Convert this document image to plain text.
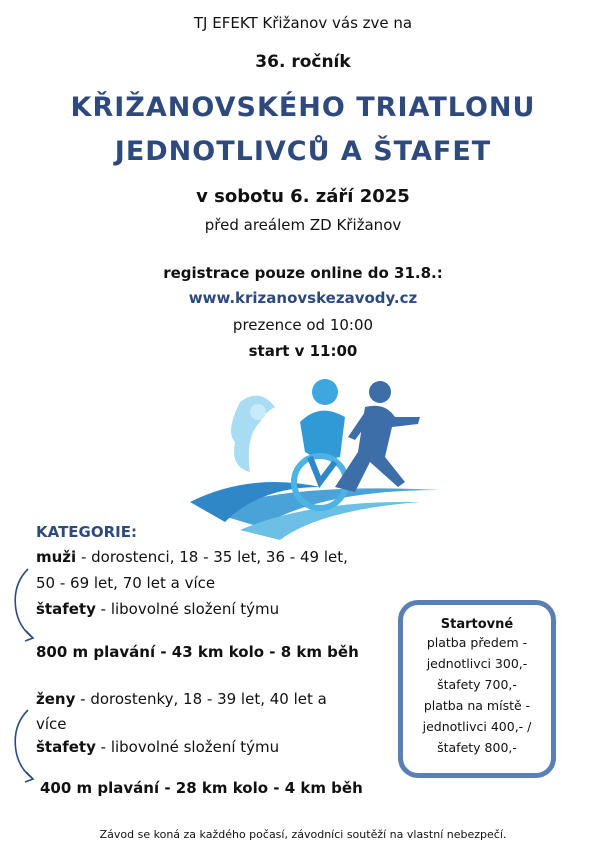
TJ EFEKT Křižanov vás zve na
36. ročník
KŘIŽANOVSKÉHO TRIATLONU
JEDNOTLIVCŮ A ŠTAFET
v sobotu 6. září 2025
před areálem ZD Křižanov
registrace pouze online do 31.8.:
www.krizanovskezavody.cz
prezence od 10:00
start v 11:00
KATEGORIE:
muži - dorostenci, 18 - 35 let, 36 - 49 let,
50 - 69 let, 70 let a více
štafety - libovolné složení týmu
800 m plavání - 43 km kolo - 8 km běh
ženy - dorostenky, 18 - 39 let, 40 let a
více
štafety - libovolné složení týmu
400 m plavání - 28 km kolo - 4 km běh
Startovné
platba předem -
jednotlivci 300,-
štafety 700,-
platba na místě -
jednotlivci 400,- /
štafety 800,-
Závod se koná za každého počasí, závodníci soutěží na vlastní nebezpečí.
